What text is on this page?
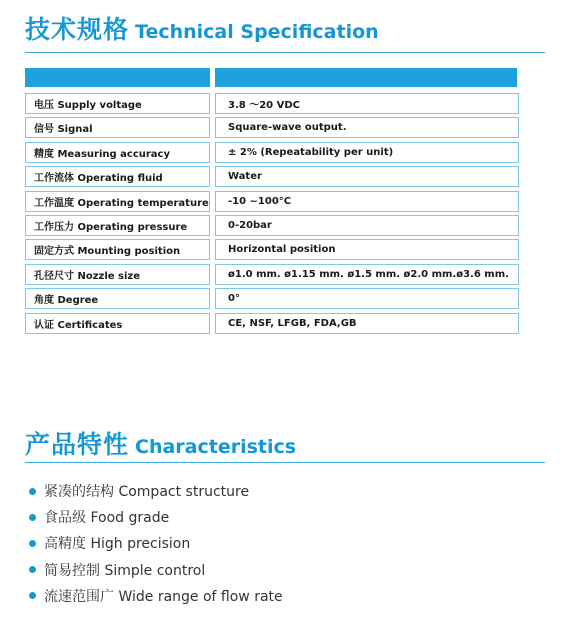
技术规格 Technical Specification
电压 Supply voltage	3.8 ～20 VDC
信号 Signal	Square-wave output.
精度 Measuring accuracy	± 2% (Repeatability per unit)
工作流体 Operating fluid	Water
工作温度 Operating temperature	-10 ~100°C
工作压力 Operating pressure	0-20bar
固定方式 Mounting position	Horizontal position
孔径尺寸 Nozzle size	ø1.0 mm. ø1.15 mm. ø1.5 mm. ø2.0 mm.ø3.6 mm.
角度 Degree	0°
认证 Certificates	CE, NSF, LFGB, FDA,GB
产品特性 Characteristics
紧凑的结构 Compact structure
食品级 Food grade
高精度 High precision
简易控制 Simple control
流速范围广 Wide range of flow rate
